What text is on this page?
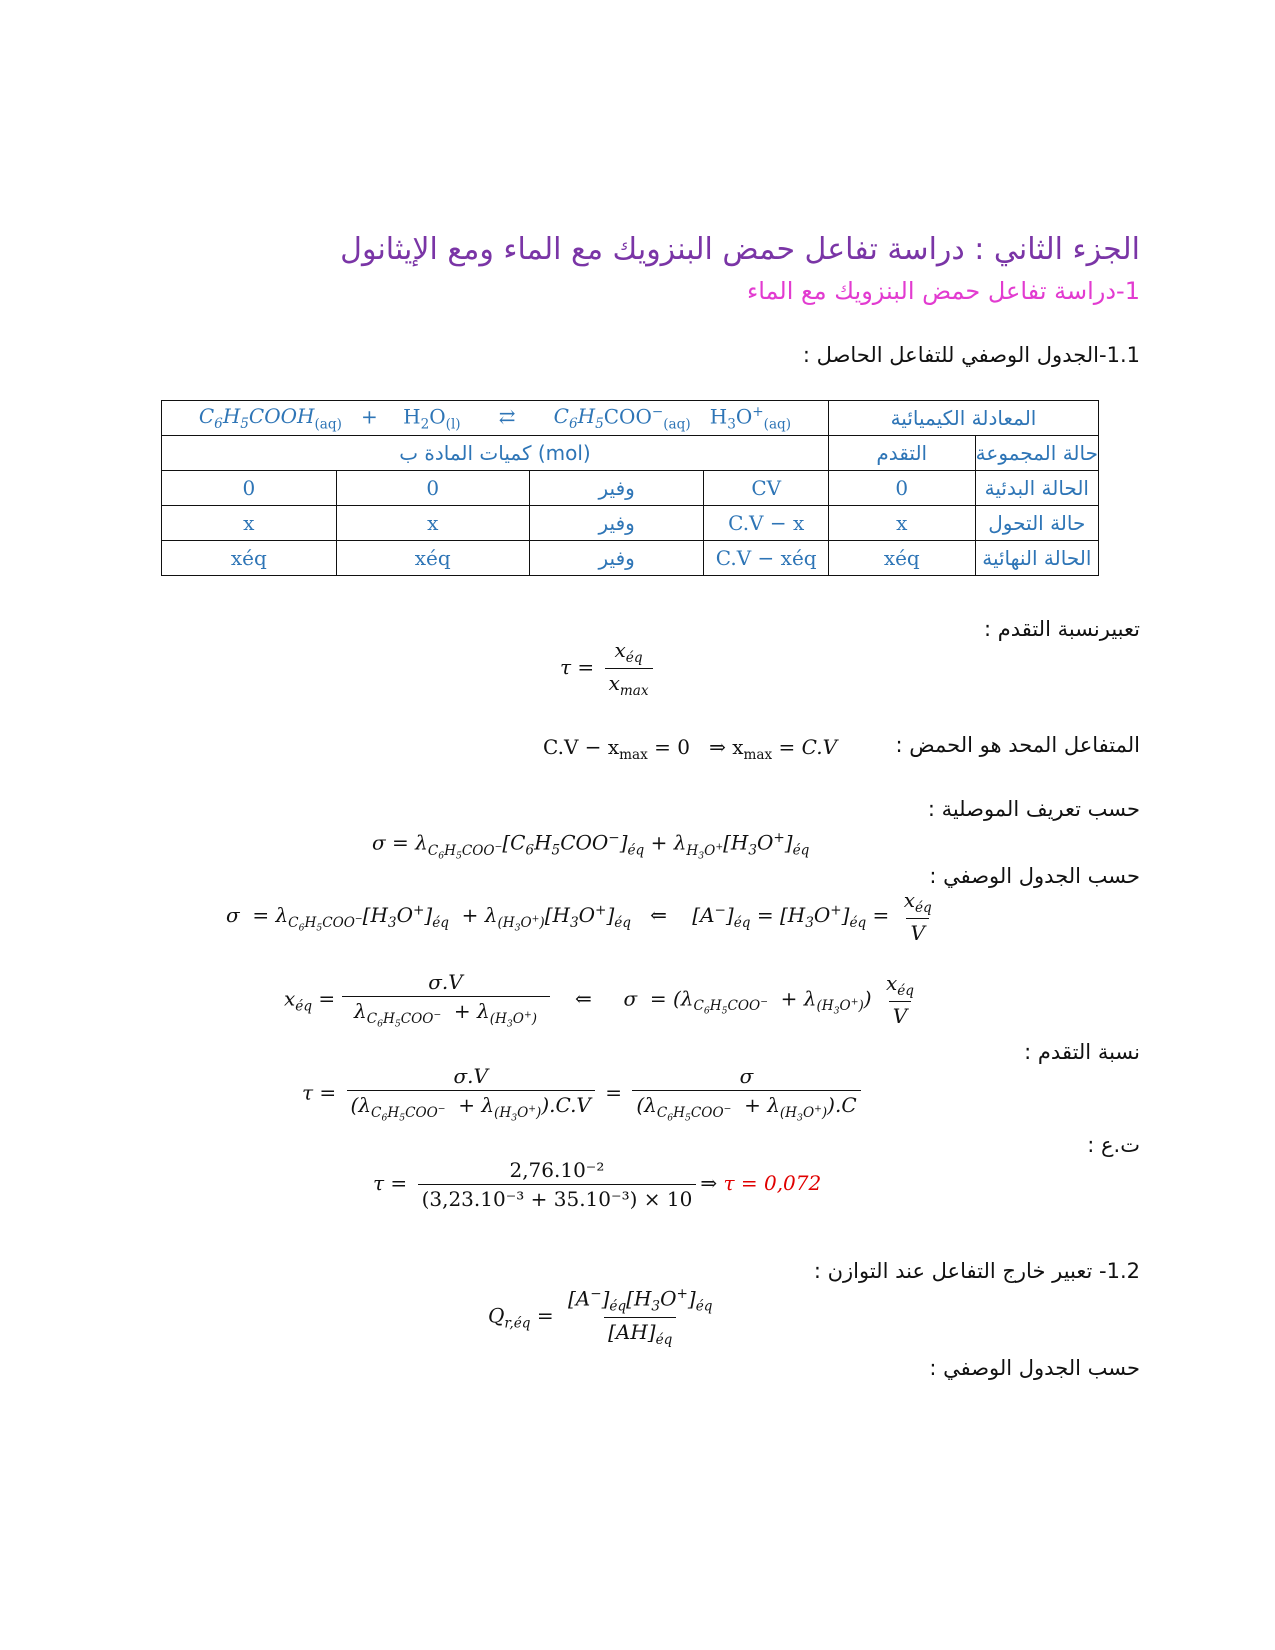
الجزء الثاني : دراسة تفاعل حمض البنزويك مع الماء ومع الإيثانول
1-دراسة تفاعل حمض البنزويك مع الماء
1.1-الجدول الوصفي للتفاعل الحاصل :
$C_6H_5COOH_{(aq)}$   +    $H_2O_{(l)}$      ⇄      $C_6H_5COO^-_{(aq)}$   $H_3O^+_{(aq)}$				المعادلة الكيميائية	
كميات المادة ب (mol)				التقدم	حالة المجموعة
0	0	وفير	CV	0	الحالة البدئية
x	x	وفير	C.V − x	x	حالة التحول
xéq	xéq	وفير	C.V − xéq	xéq	الحالة النهائية
تعبيرنسبة التقدم :
$\tau = \frac{x_{éq}}{x_{max}}$
المتفاعل المحد هو الحمض :
$C.V - x_{max} = 0$   ⇒ $x_{max} = C.V$
حسب تعريف الموصلية :
$\sigma = \lambda_{C_6H_5COO^-}[C_6H_5COO^-]_{éq} + \lambda_{H_3O^+}[H_3O^+]_{éq}$
حسب الجدول الوصفي :
$\sigma = \lambda_{C_6H_5COO^-}[H_3O^+]_{éq} + \lambda_{(H_3O^+)}[H_3O^+]_{éq}$   ⇐    $[A^-]_{éq} = [H_3O^+]_{éq} = \frac{x_{éq}}{V}$
$x_{éq} = \frac{\sigma.V}{\lambda_{C_6H_5COO^-} + \lambda_{(H_3O^+)}}$ ⇐     $\sigma = (\lambda_{C_6H_5COO^-} + \lambda_{(H_3O^+)}) \frac{x_{éq}}{V}$
نسبة التقدم :
$\tau = \frac{\sigma.V}{(\lambda_{C_6H_5COO^-} + \lambda_{(H_3O^+)}).C.V} = \frac{\sigma}{(\lambda_{C_6H_5COO^-} + \lambda_{(H_3O^+)}).C}$
ت.ع :
$\tau = \frac{\text{2,76.10⁻²}}{\text{(3,23.10⁻³ + 35.10⁻³) × 10}}$ ⇒ τ = 0,072
1.2- تعبير خارج التفاعل عند التوازن :
$Q_{r,éq} = \frac{[A^-]_{éq}[H_3O^+]_{éq}}{[AH]_{éq}}$
حسب الجدول الوصفي :
